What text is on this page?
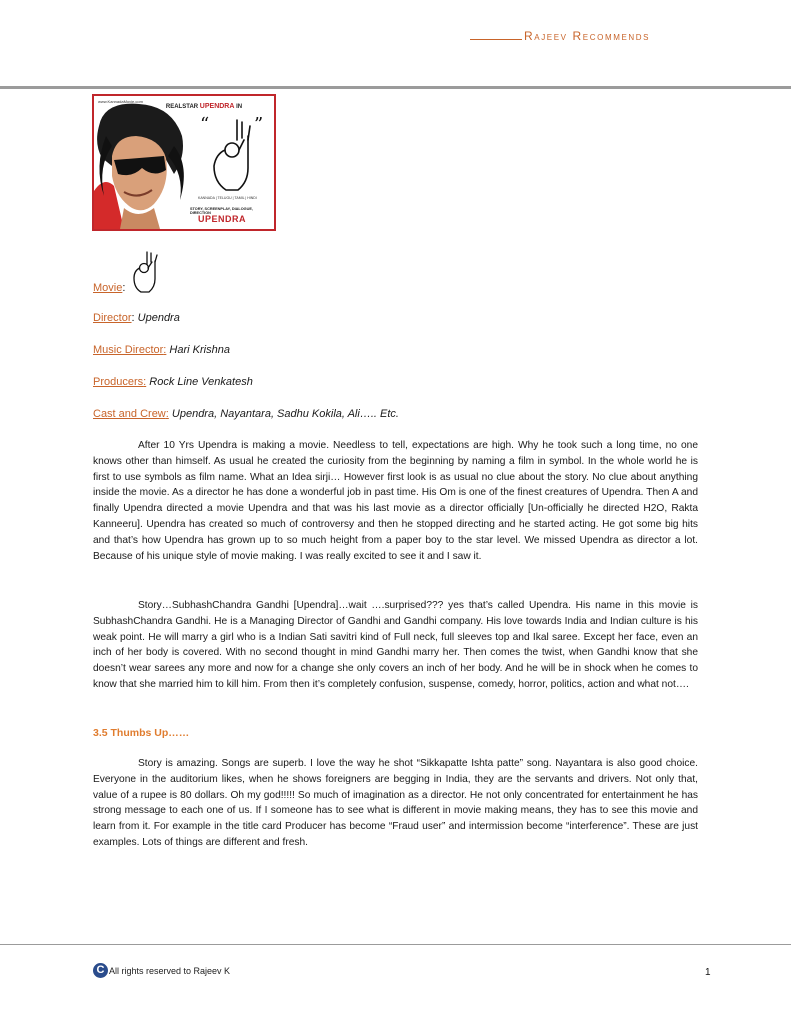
Rajeev Recommends
www.KannadaMovie.com
REALSTAR UPENDRA IN
“ ”
KANNADA | TELUGU | TAMIL | HINDI
STORY, SCREENPLAY, DIALOGUE, DIRECTION
UPENDRA
Movie:
Director: Upendra
Music Director: Hari Krishna
Producers: Rock Line Venkatesh
Cast and Crew: Upendra, Nayantara, Sadhu Kokila, Ali….. Etc.

After 10 Yrs Upendra is making a movie. Needless to tell, expectations are high. Why he took such a long time, no one knows other than himself. As usual he created the curiosity from the beginning by naming a film in symbol. In the whole world he is first to use symbols as film name. What an Idea sirji… However first look is as usual no clue about the story. No clue about anything inside the movie. As a director he has done a wonderful job in past time. His Om is one of the finest creatures of Upendra. Then A and finally Upendra directed a movie Upendra and that was his last movie as a director officially [Un-officially he directed H2O, Rakta Kanneeru]. Upendra has created so much of controversy and then he stopped directing and he started acting. He got some big hits and that’s how Upendra has grown up to so much height from a paper boy to the star level. We missed Upendra as director a lot. Because of his unique style of movie making. I was really excited to see it and I saw it.

Story…SubhashChandra Gandhi [Upendra]…wait ….surprised??? yes that’s called Upendra. His name in this movie is SubhashChandra Gandhi. He is a Managing Director of Gandhi and Gandhi company. His love towards India and Indian culture is his weak point. He will marry a girl who is a Indian Sati savitri kind of Full neck, full sleeves top and Ikal saree. Except her face, even an inch of her body is covered. With no second thought in mind Gandhi marry her. Then comes the twist, when Gandhi know that she doesn’t wear sarees any more and now for a change she only covers an inch of her body. And he will be in shock when he comes to know that she married him to kill him. From then it’s completely confusion, suspense, comedy, horror, politics, action and what not….

3.5 Thumbs Up……

Story is amazing. Songs are superb. I love the way he shot “Sikkapatte Ishta patte” song. Nayantara is also good choice. Everyone in the auditorium likes, when he shows foreigners are begging in India, they are the servants and drivers. Not only that, value of a rupee is 80 dollars. Oh my god!!!!! So much of imagination as a director. He not only concentrated for entertainment he has strong message to each one of us. If I someone has to see what is different in movie making means, they has to see this movie and learn from it. For example in the title card Producer has become “Fraud user” and intermission become “interference”. These are just examples. Lots of things are different and fresh.

C All rights reserved to Rajeev K	1
